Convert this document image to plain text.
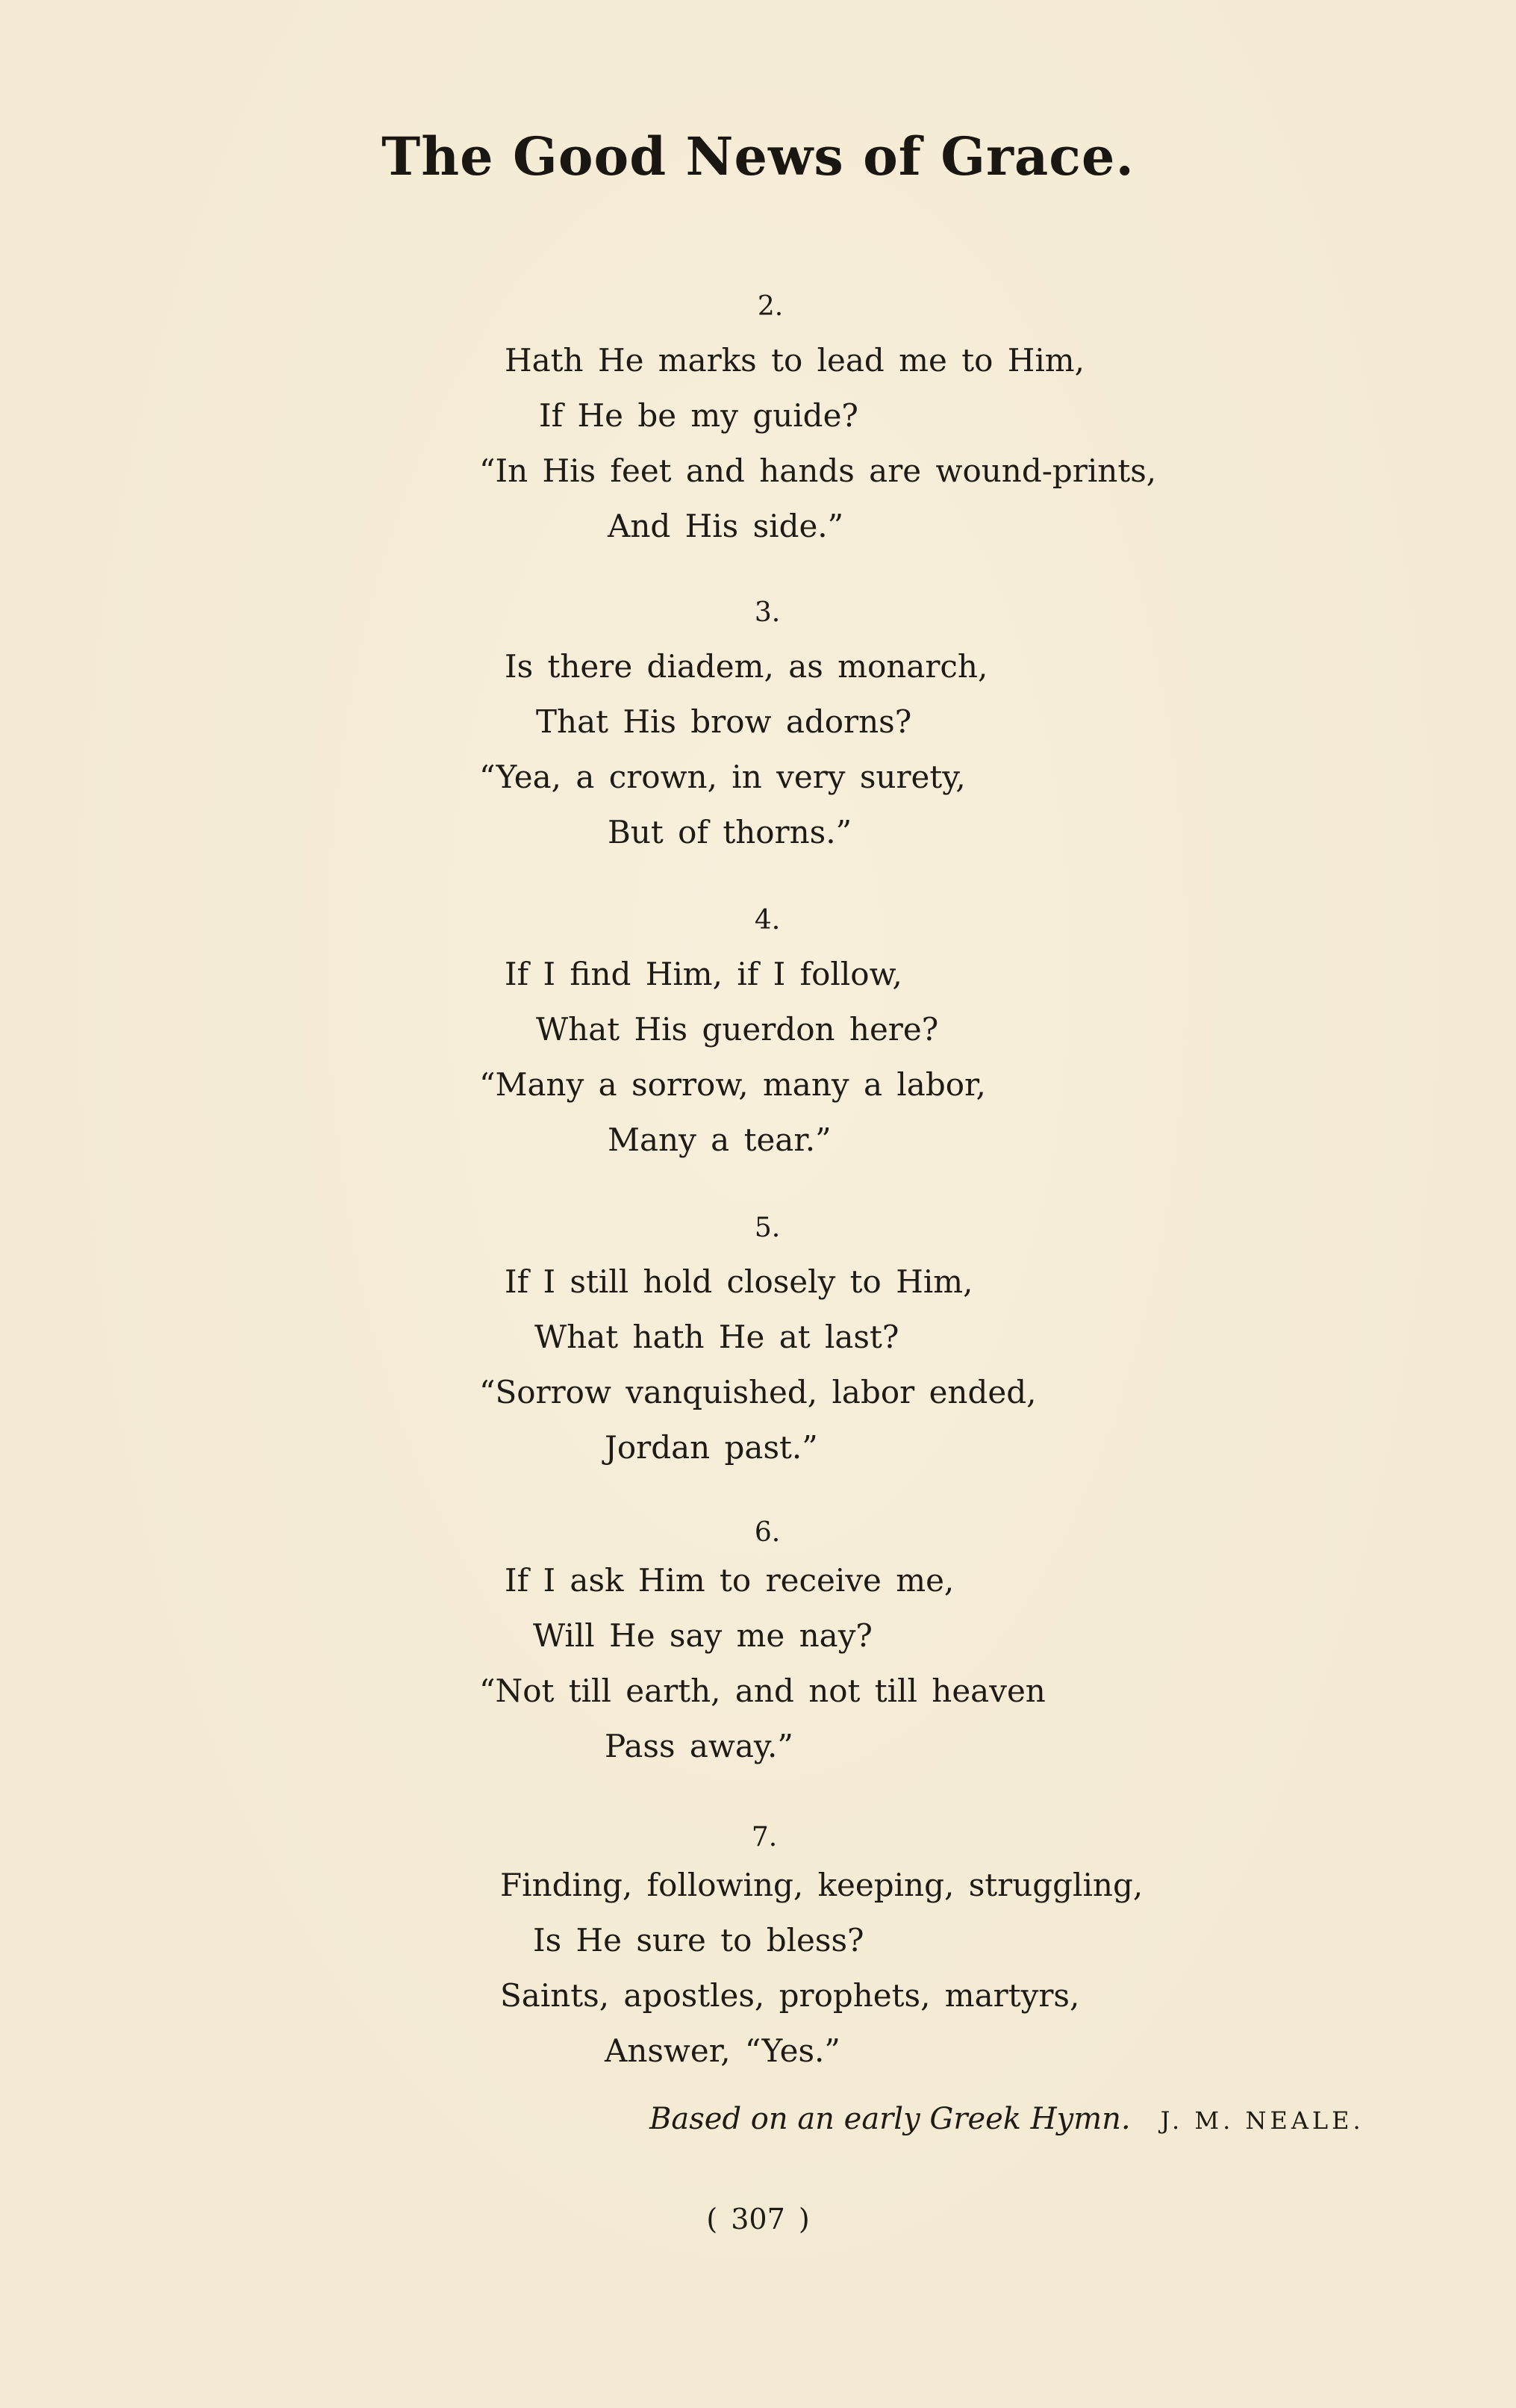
The Good News of Grace.
2.
Hath He marks to lead me to Him,
If He be my guide?
“In His feet and hands are wound-prints,
And His side.”
3.
Is there diadem, as monarch,
That His brow adorns?
“Yea, a crown, in very surety,
But of thorns.”
4.
If I find Him, if I follow,
What His guerdon here?
“Many a sorrow, many a labor,
Many a tear.”
5.
If I still hold closely to Him,
What hath He at last?
“Sorrow vanquished, labor ended,
Jordan past.”
6.
If I ask Him to receive me,
Will He say me nay?
“Not till earth, and not till heaven
Pass away.”
7.
Finding, following, keeping, struggling,
Is He sure to bless?
Saints, apostles, prophets, martyrs,
Answer, “Yes.”
Based on an early Greek Hymn. J. M. NEALE.
( 307 )
